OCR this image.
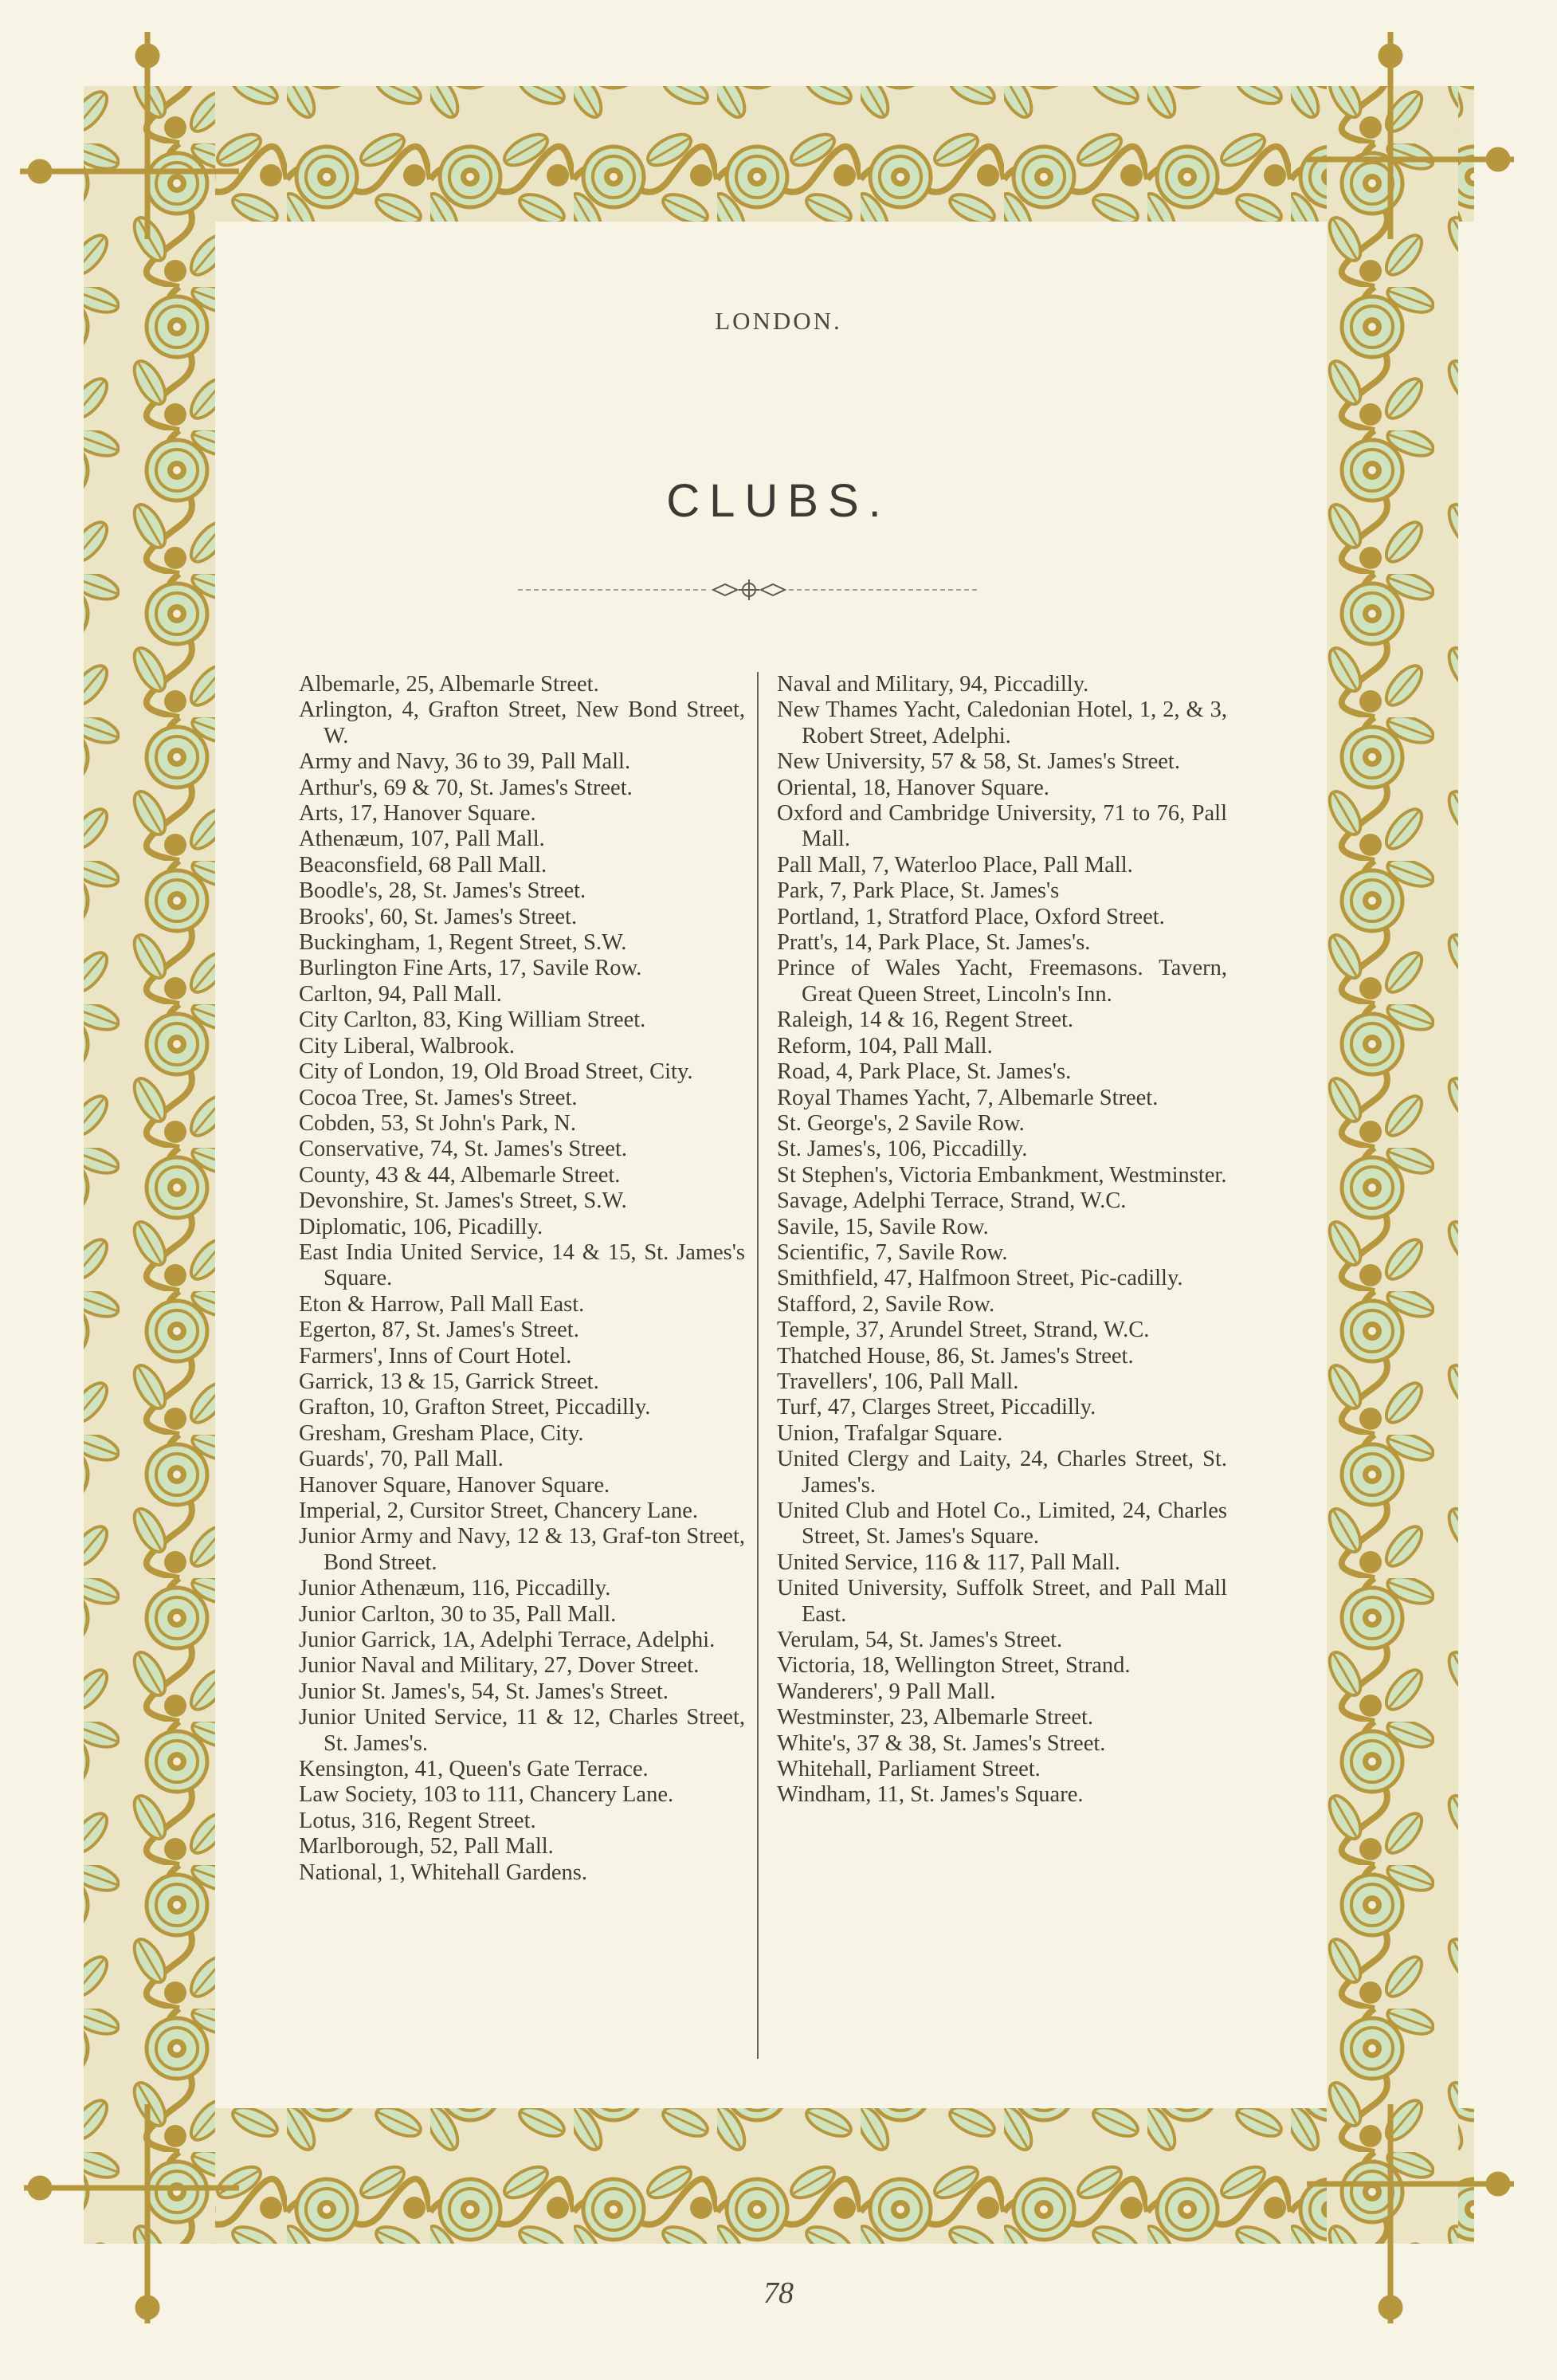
LONDON.
CLUBS.

Albemarle, 25, Albemarle Street.

Arlington, 4, Grafton Street, New Bond Street, W.

Army and Navy, 36 to 39, Pall Mall.

Arthur's, 69 & 70, St. James's Street.

Arts, 17, Hanover Square.

Athenæum, 107, Pall Mall.

Beaconsfield, 68 Pall Mall.

Boodle's, 28, St. James's Street.

Brooks', 60, St. James's Street.

Buckingham, 1, Regent Street, S.W.

Burlington Fine Arts, 17, Savile Row.

Carlton, 94, Pall Mall.

City Carlton, 83, King William Street.

City Liberal, Walbrook.

City of London, 19, Old Broad Street, City.

Cocoa Tree, St. James's Street.

Cobden, 53, St John's Park, N.

Conservative, 74, St. James's Street.

County, 43 & 44, Albemarle Street.

Devonshire, St. James's Street, S.W.

Diplomatic, 106, Picadilly.

East India United Service, 14 & 15, St. James's Square.

Eton & Harrow, Pall Mall East.

Egerton, 87, St. James's Street.

Farmers', Inns of Court Hotel.

Garrick, 13 & 15, Garrick Street.

Grafton, 10, Grafton Street, Piccadilly.

Gresham, Gresham Place, City.

Guards', 70, Pall Mall.

Hanover Square, Hanover Square.

Imperial, 2, Cursitor Street, Chancery Lane.

Junior Army and Navy, 12 & 13, Graf-ton Street, Bond Street.

Junior Athenæum, 116, Piccadilly.

Junior Carlton, 30 to 35, Pall Mall.

Junior Garrick, 1A, Adelphi Terrace, Adelphi.

Junior Naval and Military, 27, Dover Street.

Junior St. James's, 54, St. James's Street.

Junior United Service, 11 & 12, Charles Street, St. James's.

Kensington, 41, Queen's Gate Terrace.

Law Society, 103 to 111, Chancery Lane.

Lotus, 316, Regent Street.

Marlborough, 52, Pall Mall.

National, 1, Whitehall Gardens.

Naval and Military, 94, Piccadilly.

New Thames Yacht, Caledonian Hotel, 1, 2, & 3, Robert Street, Adelphi.

New University, 57 & 58, St. James's Street.

Oriental, 18, Hanover Square.

Oxford and Cambridge University, 71 to 76, Pall Mall.

Pall Mall, 7, Waterloo Place, Pall Mall.

Park, 7, Park Place, St. James's

Portland, 1, Stratford Place, Oxford Street.

Pratt's, 14, Park Place, St. James's.

Prince of Wales Yacht, Freemasons. Tavern, Great Queen Street, Lincoln's Inn.

Raleigh, 14 & 16, Regent Street.

Reform, 104, Pall Mall.

Road, 4, Park Place, St. James's.

Royal Thames Yacht, 7, Albemarle Street.

St. George's, 2 Savile Row.

St. James's, 106, Piccadilly.

St Stephen's, Victoria Embankment, Westminster.

Savage, Adelphi Terrace, Strand, W.C.

Savile, 15, Savile Row.

Scientific, 7, Savile Row.

Smithfield, 47, Halfmoon Street, Pic-cadilly.

Stafford, 2, Savile Row.

Temple, 37, Arundel Street, Strand, W.C.

Thatched House, 86, St. James's Street.

Travellers', 106, Pall Mall.

Turf, 47, Clarges Street, Piccadilly.

Union, Trafalgar Square.

United Clergy and Laity, 24, Charles Street, St. James's.

United Club and Hotel Co., Limited, 24, Charles Street, St. James's Square.

United Service, 116 & 117, Pall Mall.

United University, Suffolk Street, and Pall Mall East.

Verulam, 54, St. James's Street.

Victoria, 18, Wellington Street, Strand.

Wanderers', 9 Pall Mall.

Westminster, 23, Albemarle Street.

White's, 37 & 38, St. James's Street.

Whitehall, Parliament Street.

Windham, 11, St. James's Square.

78
